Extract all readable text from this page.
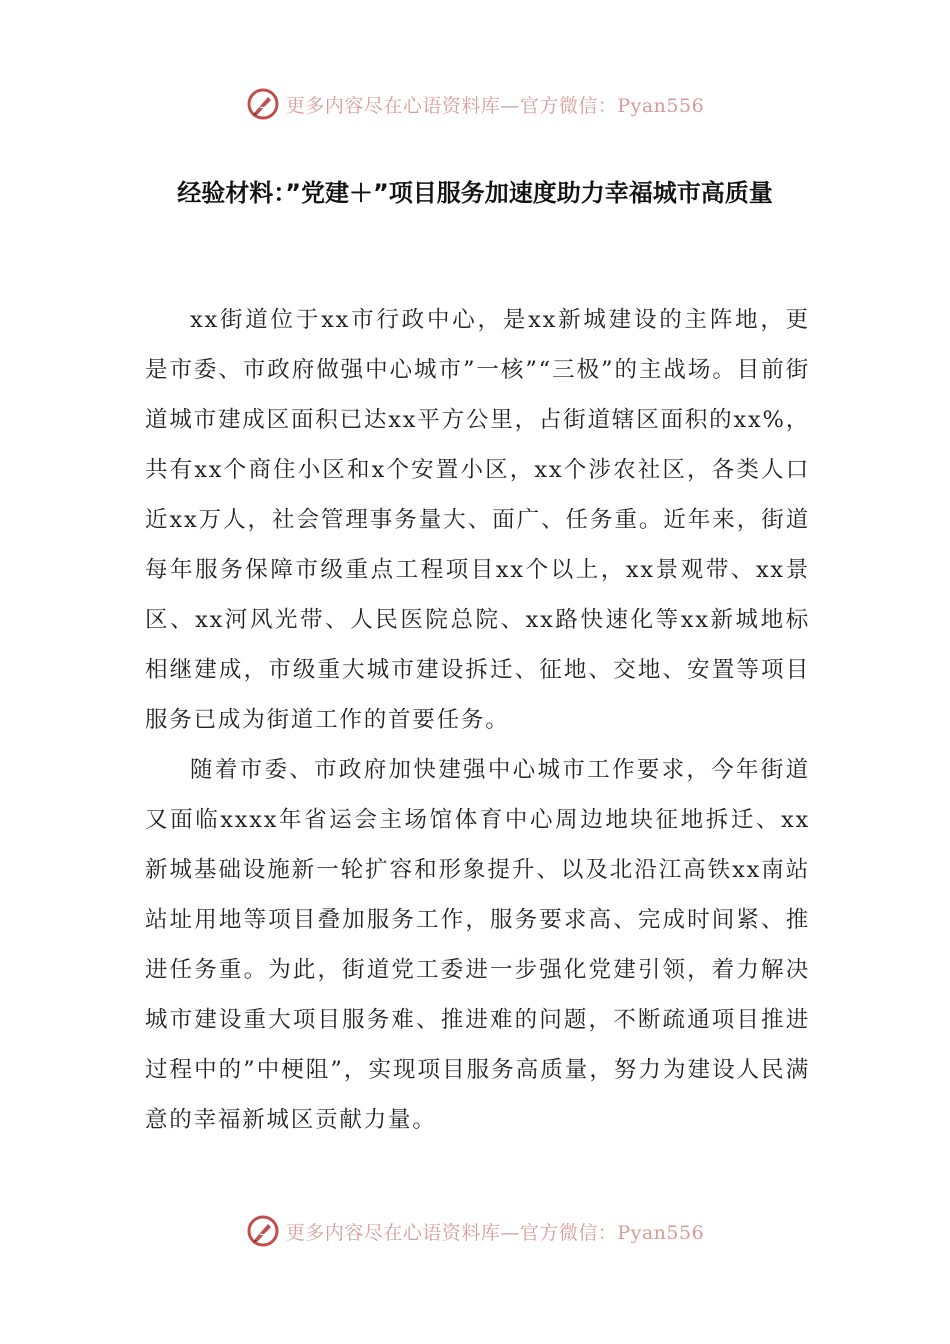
更多内容尽在心语资料库—官方微信：Pyan556
经验材料：”党建＋”项目服务加速度助力幸福城市高质量

xx街道位于xx市行政中心，是xx新城建设的主阵地，更是市委、市政府做强中心城市”一核”“三极”的主战场。目前街道城市建成区面积已达xx平方公里，占街道辖区面积的xx%，共有xx个商住小区和x个安置小区，xx个涉农社区，各类人口近xx万人，社会管理事务量大、面广、任务重。近年来，街道每年服务保障市级重点工程项目xx个以上，xx景观带、xx景区、xx河风光带、人民医院总院、xx路快速化等xx新城地标相继建成，市级重大城市建设拆迁、征地、交地、安置等项目服务已成为街道工作的首要任务。

随着市委、市政府加快建强中心城市工作要求，今年街道又面临xxxx年省运会主场馆体育中心周边地块征地拆迁、xx新城基础设施新一轮扩容和形象提升、以及北沿江高铁xx南站站址用地等项目叠加服务工作，服务要求高、完成时间紧、推进任务重。为此，街道党工委进一步强化党建引领，着力解决城市建设重大项目服务难、推进难的问题，不断疏通项目推进过程中的”中梗阻”，实现项目服务高质量，努力为建设人民满意的幸福新城区贡献力量。

更多内容尽在心语资料库—官方微信：Pyan556
